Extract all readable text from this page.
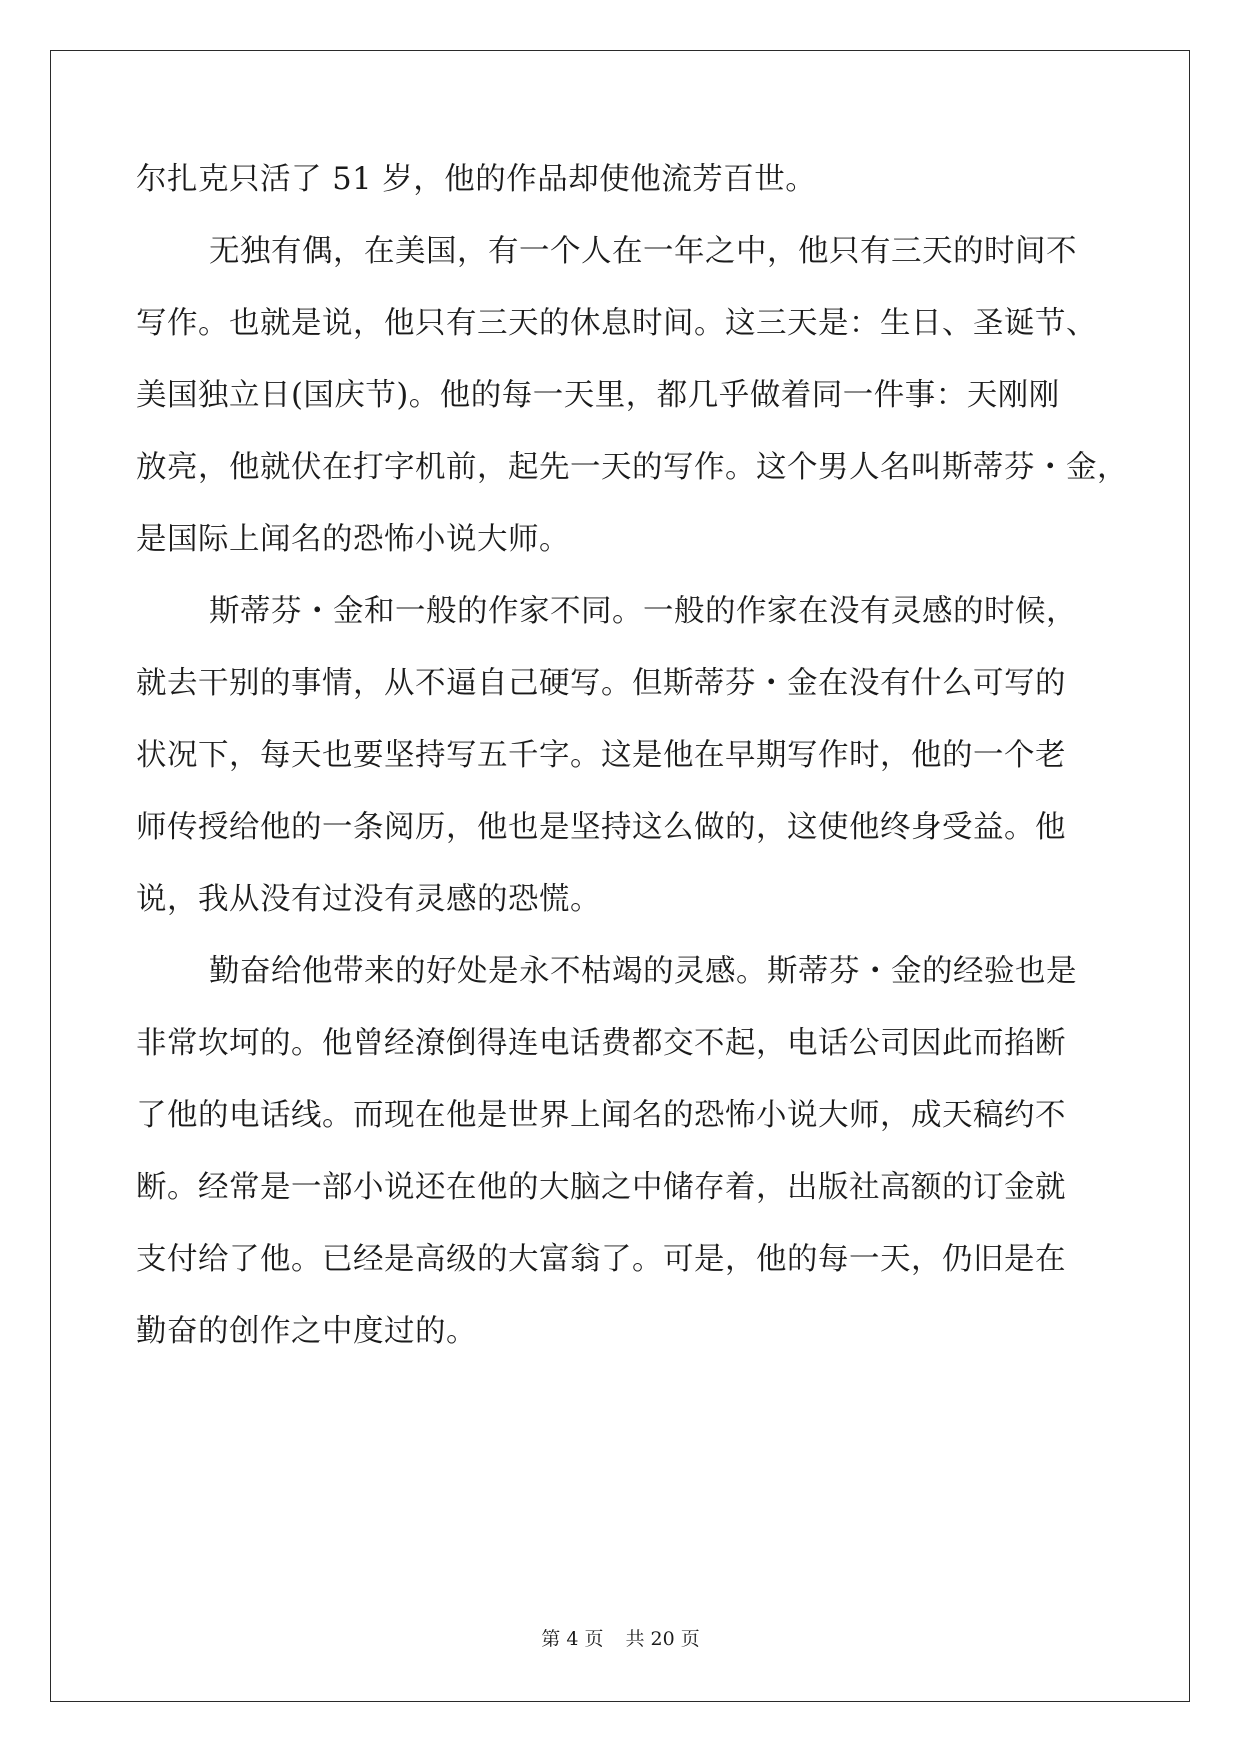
尔扎克只活了 51 岁，他的作品却使他流芳百世。
无独有偶，在美国，有一个人在一年之中，他只有三天的时间不
写作。也就是说，他只有三天的休息时间。这三天是：生日、圣诞节、
美国独立日(国庆节)。他的每一天里，都几乎做着同一件事：天刚刚
放亮，他就伏在打字机前，起先一天的写作。这个男人名叫斯蒂芬・金，
是国际上闻名的恐怖小说大师。
斯蒂芬・金和一般的作家不同。一般的作家在没有灵感的时候，
就去干别的事情，从不逼自己硬写。但斯蒂芬・金在没有什么可写的
状况下，每天也要坚持写五千字。这是他在早期写作时，他的一个老
师传授给他的一条阅历，他也是坚持这么做的，这使他终身受益。他
说，我从没有过没有灵感的恐慌。
勤奋给他带来的好处是永不枯竭的灵感。斯蒂芬・金的经验也是
非常坎坷的。他曾经潦倒得连电话费都交不起，电话公司因此而掐断
了他的电话线。而现在他是世界上闻名的恐怖小说大师，成天稿约不
断。经常是一部小说还在他的大脑之中储存着，出版社高额的订金就
支付给了他。已经是高级的大富翁了。可是，他的每一天，仍旧是在
勤奋的创作之中度过的。
第 4 页 共 20 页
